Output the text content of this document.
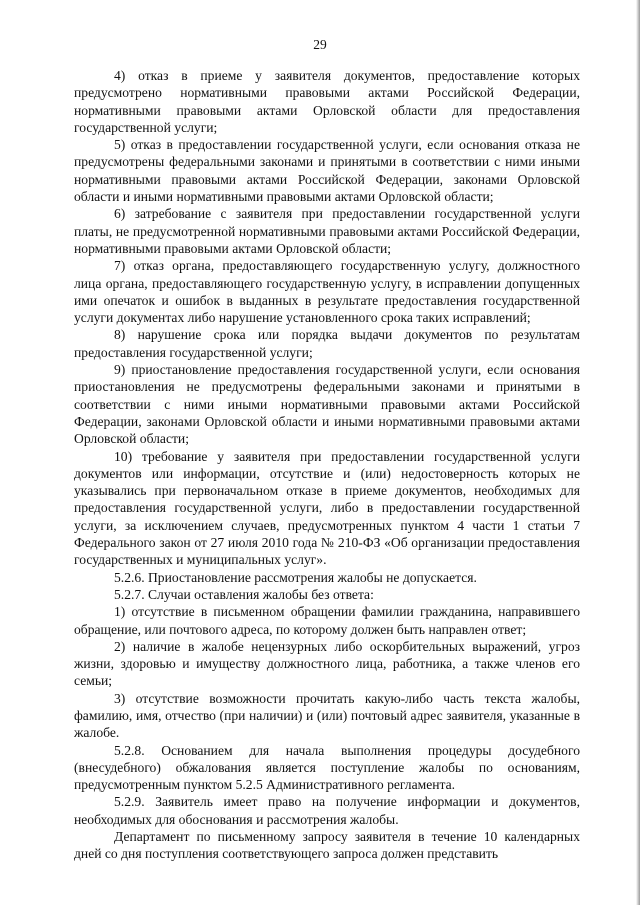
29

4) отказ в приеме у заявителя документов, предоставление которых предусмотрено нормативными правовыми актами Российской Федерации, нормативными правовыми актами Орловской области для предоставления государственной услуги;

5) отказ в предоставлении государственной услуги, если основания отказа не предусмотрены федеральными законами и принятыми в соответствии с ними иными нормативными правовыми актами Российской Федерации, законами Орловской области и иными нормативными правовыми актами Орловской области;

6) затребование с заявителя при предоставлении государственной услуги платы, не предусмотренной нормативными правовыми актами Российской Федерации, нормативными правовыми актами Орловской области;

7) отказ органа, предоставляющего государственную услугу, должностного лица органа, предоставляющего государственную услугу, в исправлении допущенных ими опечаток и ошибок в выданных в результате предоставления государственной услуги документах либо нарушение установленного срока таких исправлений;

8) нарушение срока или порядка выдачи документов по результатам предоставления государственной услуги;

9) приостановление предоставления государственной услуги, если основания приостановления не предусмотрены федеральными законами и принятыми в соответствии с ними иными нормативными правовыми актами Российской Федерации, законами Орловской области и иными нормативными правовыми актами Орловской области;

10) требование у заявителя при предоставлении государственной услуги документов или информации, отсутствие и (или) недостоверность которых не указывались при первоначальном отказе в приеме документов, необходимых для предоставления государственной услуги, либо в предоставлении государственной услуги, за исключением случаев, предусмотренных пунктом 4 части 1 статьи 7 Федерального закон от 27 июля 2010 года № 210-ФЗ «Об организации предоставления государственных и муниципальных услуг».

5.2.6. Приостановление рассмотрения жалобы не допускается.

5.2.7. Случаи оставления жалобы без ответа:

1) отсутствие в письменном обращении фамилии гражданина, направившего обращение, или почтового адреса, по которому должен быть направлен ответ;

2) наличие в жалобе нецензурных либо оскорбительных выражений, угроз жизни, здоровью и имуществу должностного лица, работника, а также членов его семьи;

3) отсутствие возможности прочитать какую-либо часть текста жалобы, фамилию, имя, отчество (при наличии) и (или) почтовый адрес заявителя, указанные в жалобе.

5.2.8. Основанием для начала выполнения процедуры досудебного (внесудебного) обжалования является поступление жалобы по основаниям, предусмотренным пунктом 5.2.5 Административного регламента.

5.2.9. Заявитель имеет право на получение информации и документов, необходимых для обоснования и рассмотрения жалобы.

Департамент по письменному запросу заявителя в течение 10 календарных дней со дня поступления соответствующего запроса должен представить
